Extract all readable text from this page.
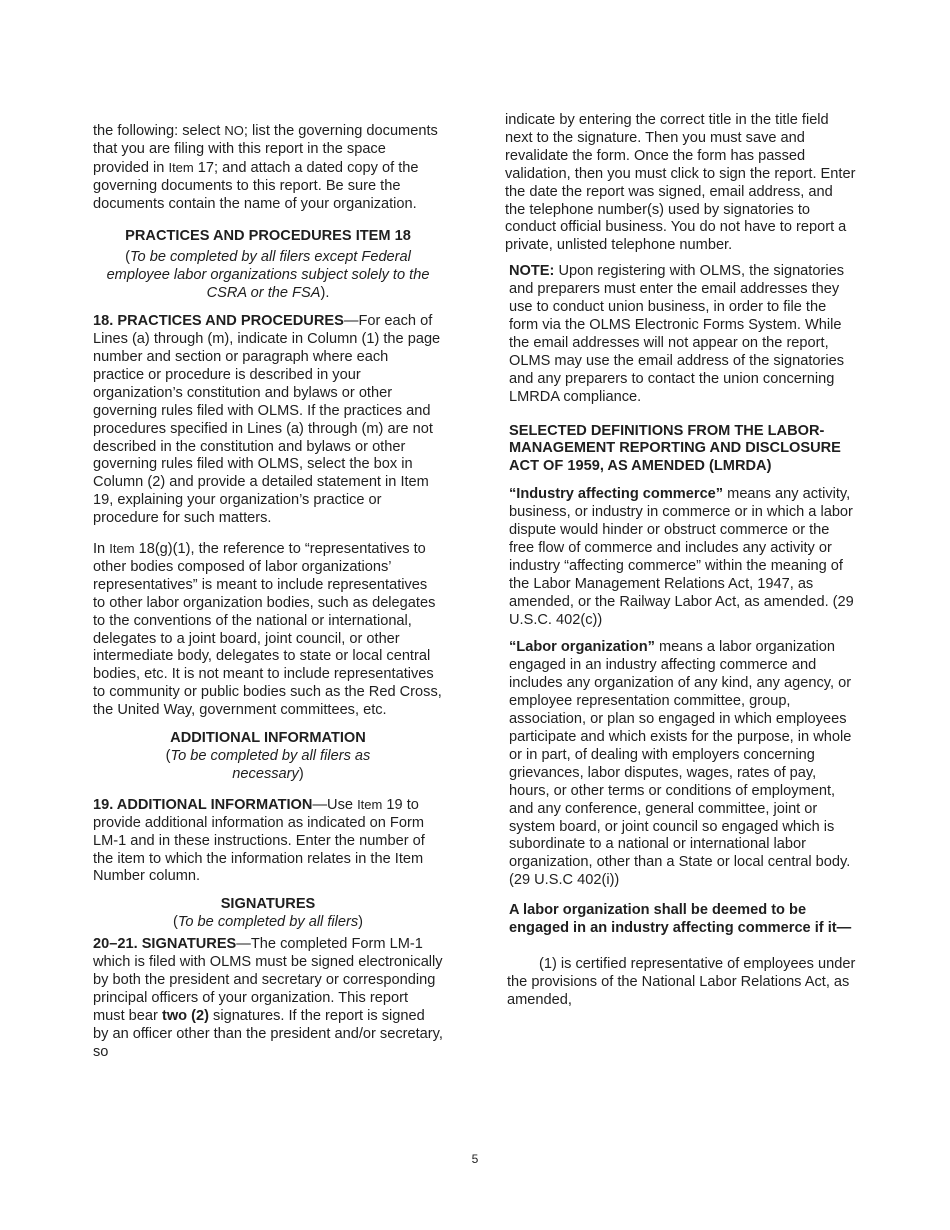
the following: select NO; list the governing documents that you are filing with this report in the space provided in Item 17; and attach a dated copy of the governing documents to this report. Be sure the documents contain the name of your organization.

PRACTICES AND PROCEDURES ITEM 18

(To be completed by all filers except Federal employee labor organizations subject solely to the CSRA or the FSA).

18. PRACTICES AND PROCEDURES—For each of Lines (a) through (m), indicate in Column (1) the page number and section or paragraph where each practice or procedure is described in your organization’s constitution and bylaws or other governing rules filed with OLMS. If the practices and procedures specified in Lines (a) through (m) are not described in the constitution and bylaws or other governing rules filed with OLMS, select the box in Column (2) and provide a detailed statement in Item 19, explaining your organization’s practice or procedure for such matters.

In Item 18(g)(1), the reference to “representatives to other bodies composed of labor organizations’ representatives” is meant to include representatives to other labor organization bodies, such as delegates to the conventions of the national or international, delegates to a joint board, joint council, or other intermediate body, delegates to state or local central bodies, etc. It is not meant to include representatives to community or public bodies such as the Red Cross, the United Way, government committees, etc.

ADDITIONAL INFORMATION

(To be completed by all filers as necessary)

19. ADDITIONAL INFORMATION—Use Item 19 to provide additional information as indicated on Form LM-1 and in these instructions. Enter the number of the item to which the information relates in the Item Number column.

SIGNATURES

(To be completed by all filers)

20–21. SIGNATURES—The completed Form LM-1 which is filed with OLMS must be signed electronically by both the president and secretary or corresponding principal officers of your organization. This report must bear two (2) signatures. If the report is signed by an officer other than the president and/or secretary, so

indicate by entering the correct title in the title field next to the signature. Then you must save and revalidate the form. Once the form has passed validation, then you must click to sign the report. Enter the date the report was signed, email address, and the telephone number(s) used by signatories to conduct official business. You do not have to report a private, unlisted telephone number.

NOTE: Upon registering with OLMS, the signatories and preparers must enter the email addresses they use to conduct union business, in order to file the form via the OLMS Electronic Forms System. While the email addresses will not appear on the report, OLMS may use the email address of the signatories and any preparers to contact the union concerning LMRDA compliance.

SELECTED DEFINITIONS FROM THE LABOR-MANAGEMENT REPORTING AND DISCLOSURE ACT OF 1959, AS AMENDED (LMRDA)

“Industry affecting commerce” means any activity, business, or industry in commerce or in which a labor dispute would hinder or obstruct commerce or the free flow of commerce and includes any activity or industry “affecting commerce” within the meaning of the Labor Management Relations Act, 1947, as amended, or the Railway Labor Act, as amended. (29 U.S.C. 402(c))

“Labor organization” means a labor organization engaged in an industry affecting commerce and includes any organization of any kind, any agency, or employee representation committee, group, association, or plan so engaged in which employees participate and which exists for the purpose, in whole or in part, of dealing with employers concerning grievances, labor disputes, wages, rates of pay, hours, or other terms or conditions of employment, and any conference, general committee, joint or system board, or joint council so engaged which is subordinate to a national or international labor organization, other than a State or local central body. (29 U.S.C 402(i))

A labor organization shall be deemed to be engaged in an industry affecting commerce if it—

(1) is certified representative of employees under the provisions of the National Labor Relations Act, as amended,

5
